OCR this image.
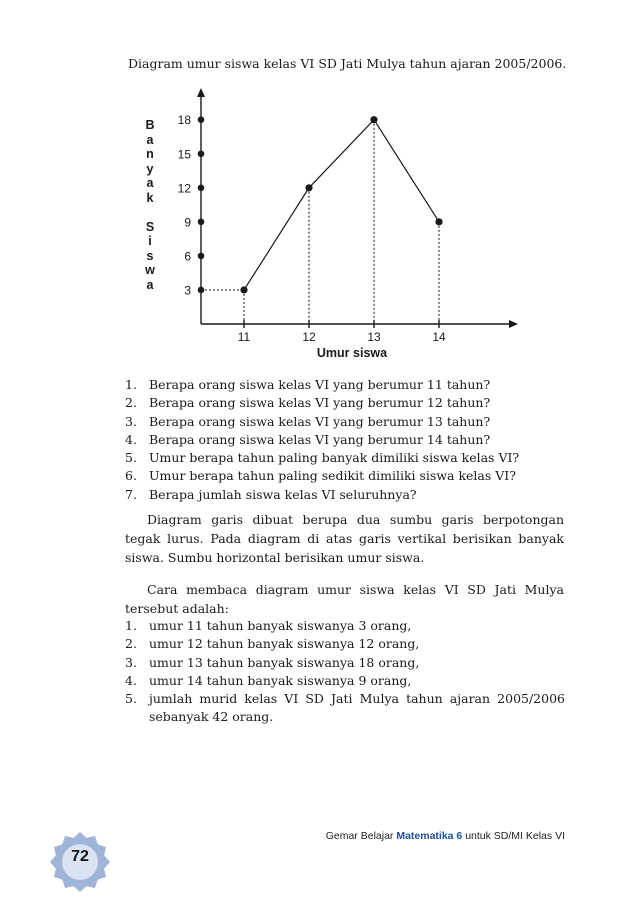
Diagram umur siswa kelas VI SD Jati Mulya tahun ajaran 2005/2006.
3
6
9
12
15
18
11	12	13	14
Umur siswa
B
a
n
y
a
k
S
i
s
w
a
1. Berapa orang siswa kelas VI yang berumur 11 tahun?
2. Berapa orang siswa kelas VI yang berumur 12 tahun?
3. Berapa orang siswa kelas VI yang berumur 13 tahun?
4. Berapa orang siswa kelas VI yang berumur 14 tahun?
5. Umur berapa tahun paling banyak dimiliki siswa kelas VI?
6. Umur berapa tahun paling sedikit dimiliki siswa kelas VI?
7. Berapa jumlah siswa kelas VI seluruhnya?

Diagram garis dibuat berupa dua sumbu garis berpotongan tegak lurus. Pada diagram di atas garis vertikal berisikan banyak siswa. Sumbu horizontal berisikan umur siswa.

Cara membaca diagram umur siswa kelas VI SD Jati Mulya tersebut adalah:

1. umur 11 tahun banyak siswanya 3 orang,
2. umur 12 tahun banyak siswanya 12 orang,
3. umur 13 tahun banyak siswanya 18 orang,
4. umur 14 tahun banyak siswanya 9 orang,
5. jumlah murid kelas VI SD Jati Mulya tahun ajaran 2005/2006 sebanyak 42 orang.
Gemar Belajar Matematika 6 untuk SD/MI Kelas VI
72
